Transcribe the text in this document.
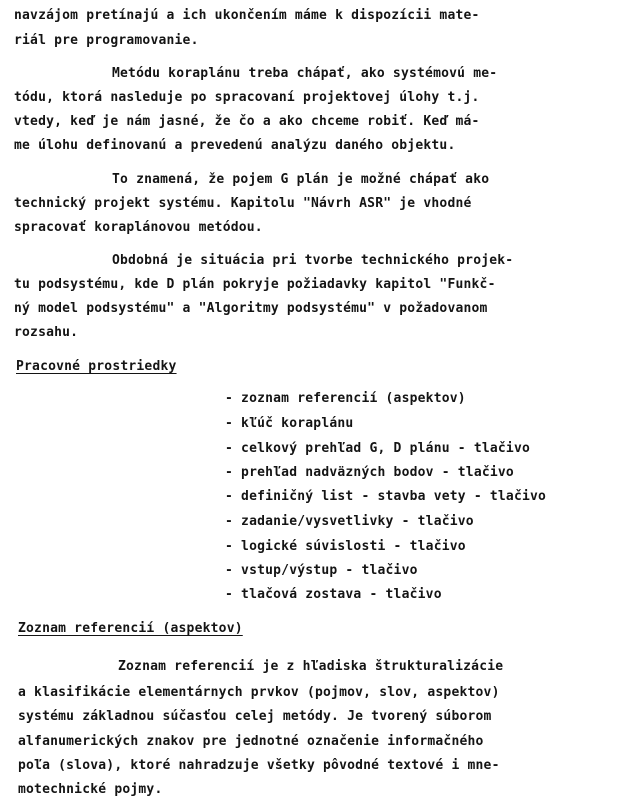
navzájom pretínajú a ich ukončením máme k dispozícii mate-
riál pre programovanie.
Metódu koraplánu treba chápať, ako systémovú me-
tódu, ktorá nasleduje po spracovaní projektovej úlohy t.j.
vtedy, keď je nám jasné, že čo a ako chceme robiť. Keď má-
me úlohu definovanú a prevedenú analýzu daného objektu.
To znamená, že pojem G plán je možné chápať ako
technický projekt systému. Kapitolu "Návrh ASR" je vhodné
spracovať koraplánovou metódou.
Obdobná je situácia pri tvorbe technického projek-
tu podsystému, kde D plán pokryje požiadavky kapitol "Funkč-
ný model podsystému" a "Algoritmy podsystému" v požadovanom
rozsahu.
Pracovné prostriedky
- zoznam referencií (aspektov)
- kľúč koraplánu
- celkový prehľad G, D plánu - tlačivo
- prehľad nadväzných bodov - tlačivo
- definičný list - stavba vety - tlačivo
- zadanie/vysvetlivky - tlačivo
- logické súvislosti - tlačivo
- vstup/výstup - tlačivo
- tlačová zostava - tlačivo
Zoznam referencií (aspektov)
Zoznam referencií je z hľadiska štrukturalizácie
a klasifikácie elementárnych prvkov (pojmov, slov, aspektov)
systému základnou súčasťou celej metódy. Je tvorený súborom
alfanumerických znakov pre jednotné označenie informačného
poľa (slova), ktoré nahradzuje všetky pôvodné textové i mne-
motechnické pojmy.
